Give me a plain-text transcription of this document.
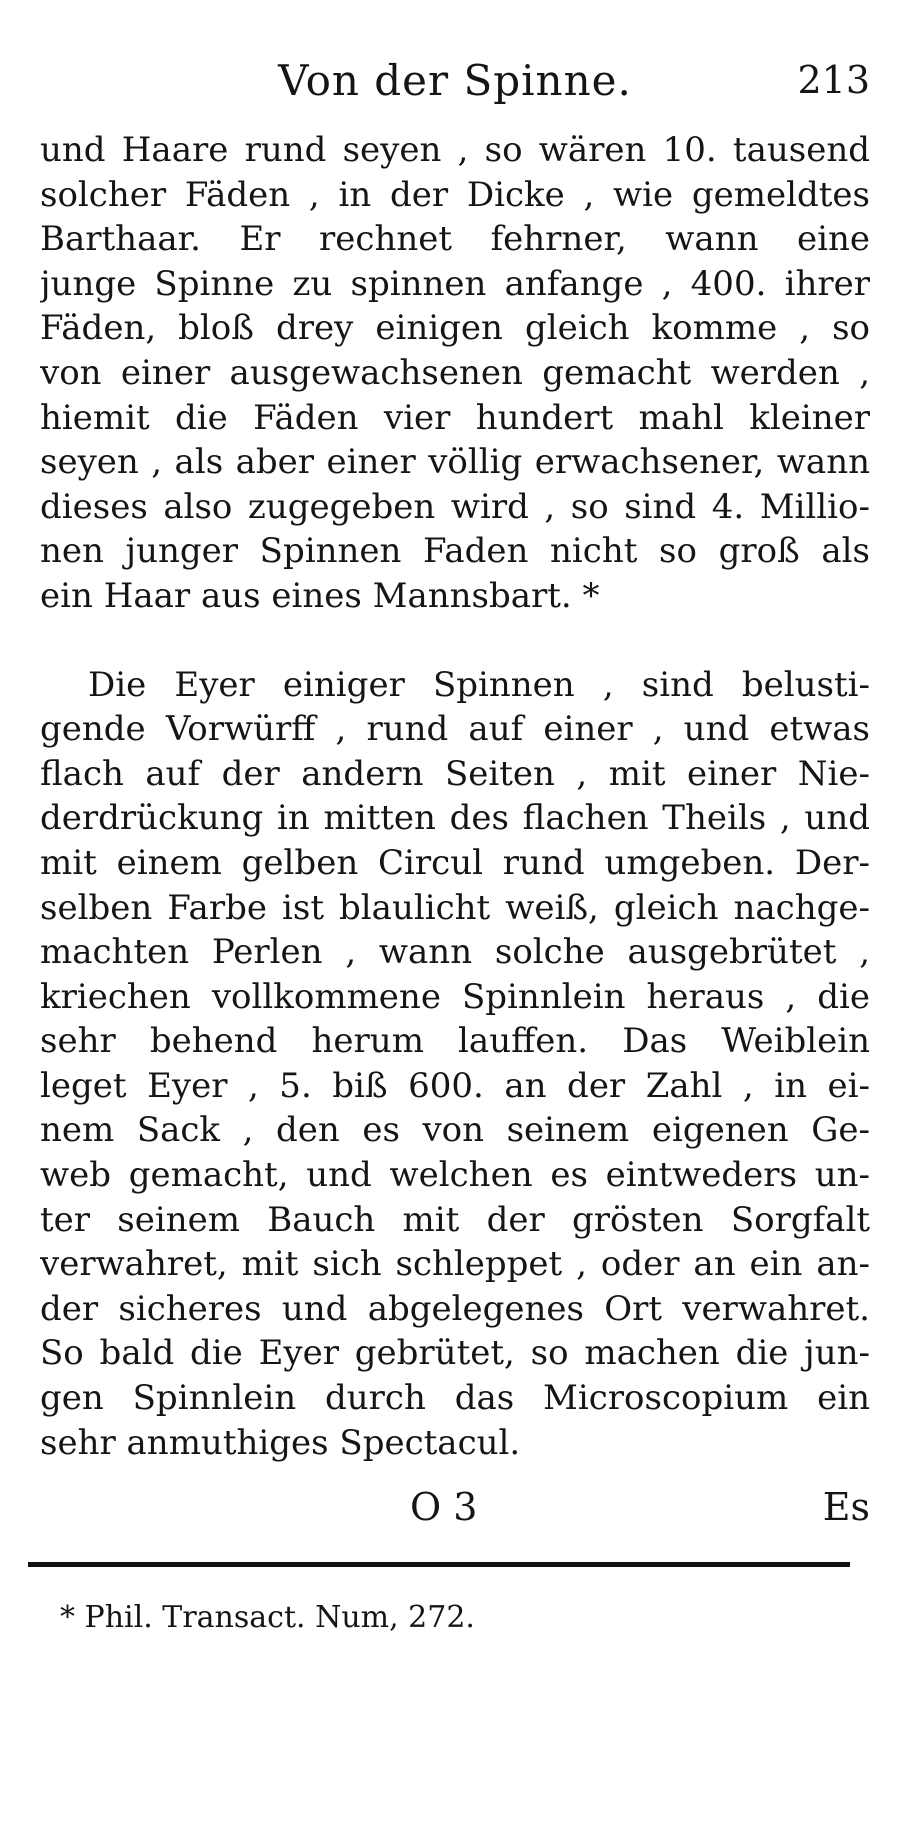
Von der Spinne.	213
und Haare rund seyen , so wären 10. tausend
solcher Fäden , in der Dicke , wie gemeldtes
Barthaar. Er rechnet fehrner, wann eine
junge Spinne zu spinnen anfange , 400. ihrer
Fäden, bloß drey einigen gleich komme , so
von einer ausgewachsenen gemacht werden ,
hiemit die Fäden vier hundert mahl kleiner
seyen , als aber einer völlig erwachsener, wann
dieses also zugegeben wird , so sind 4. Millio-
nen junger Spinnen Faden nicht so groß als
ein Haar aus eines Mannsbart. *
Die Eyer einiger Spinnen , sind belusti-
gende Vorwürff , rund auf einer , und etwas
flach auf der andern Seiten , mit einer Nie-
derdrückung in mitten des flachen Theils , und
mit einem gelben Circul rund umgeben. Der-
selben Farbe ist blaulicht weiß, gleich nachge-
machten Perlen , wann solche ausgebrütet ,
kriechen vollkommene Spinnlein heraus , die
sehr behend herum lauffen. Das Weiblein
leget Eyer , 5. biß 600. an der Zahl , in ei-
nem Sack , den es von seinem eigenen Ge-
web gemacht, und welchen es eintweders un-
ter seinem Bauch mit der grösten Sorgfalt
verwahret, mit sich schleppet , oder an ein an-
der sicheres und abgelegenes Ort verwahret.
So bald die Eyer gebrütet, so machen die jun-
gen Spinnlein durch das Microscopium ein
sehr anmuthiges Spectacul.
O 3	Es
* Phil. Transact. Num, 272.
